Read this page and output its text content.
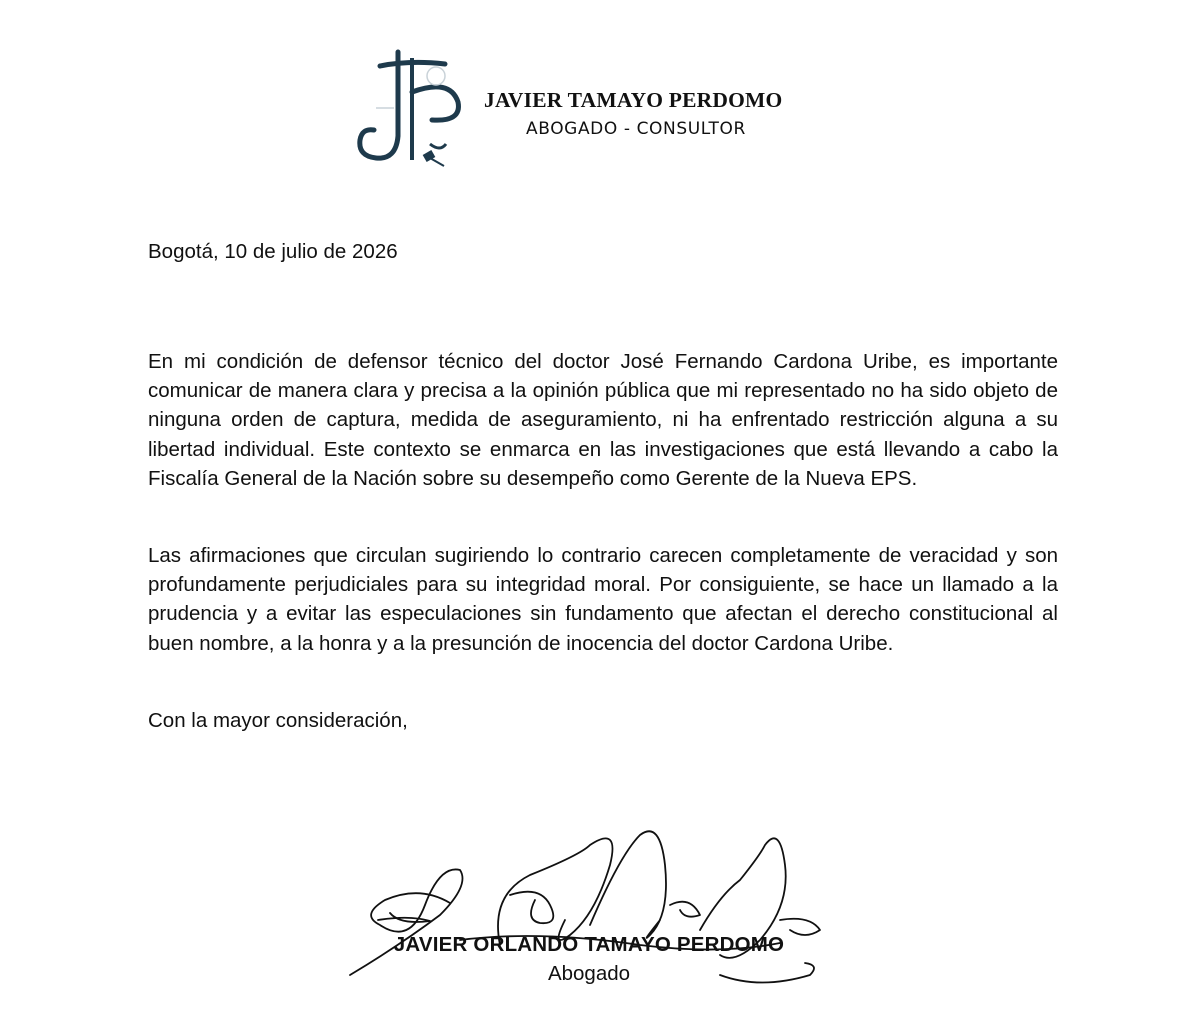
JAVIER TAMAYO PERDOMO
ABOGADO - CONSULTOR
Bogotá, 10 de julio de 2026

En mi condición de defensor técnico del doctor José Fernando Cardona Uribe, es importante comunicar de manera clara y precisa a la opinión pública que mi representado no ha sido objeto de ninguna orden de captura, medida de aseguramiento, ni ha enfrentado restricción alguna a su libertad individual. Este contexto se enmarca en las investigaciones que está llevando a cabo la Fiscalía General de la Nación sobre su desempeño como Gerente de la Nueva EPS.

Las afirmaciones que circulan sugiriendo lo contrario carecen completamente de veracidad y son profundamente perjudiciales para su integridad moral. Por consiguiente, se hace un llamado a la prudencia y a evitar las especulaciones sin fundamento que afectan el derecho constitucional al buen nombre, a la honra y a la presunción de inocencia del doctor Cardona Uribe.

Con la mayor consideración,
JAVIER ORLANDO TAMAYO PERDOMO
Abogado
